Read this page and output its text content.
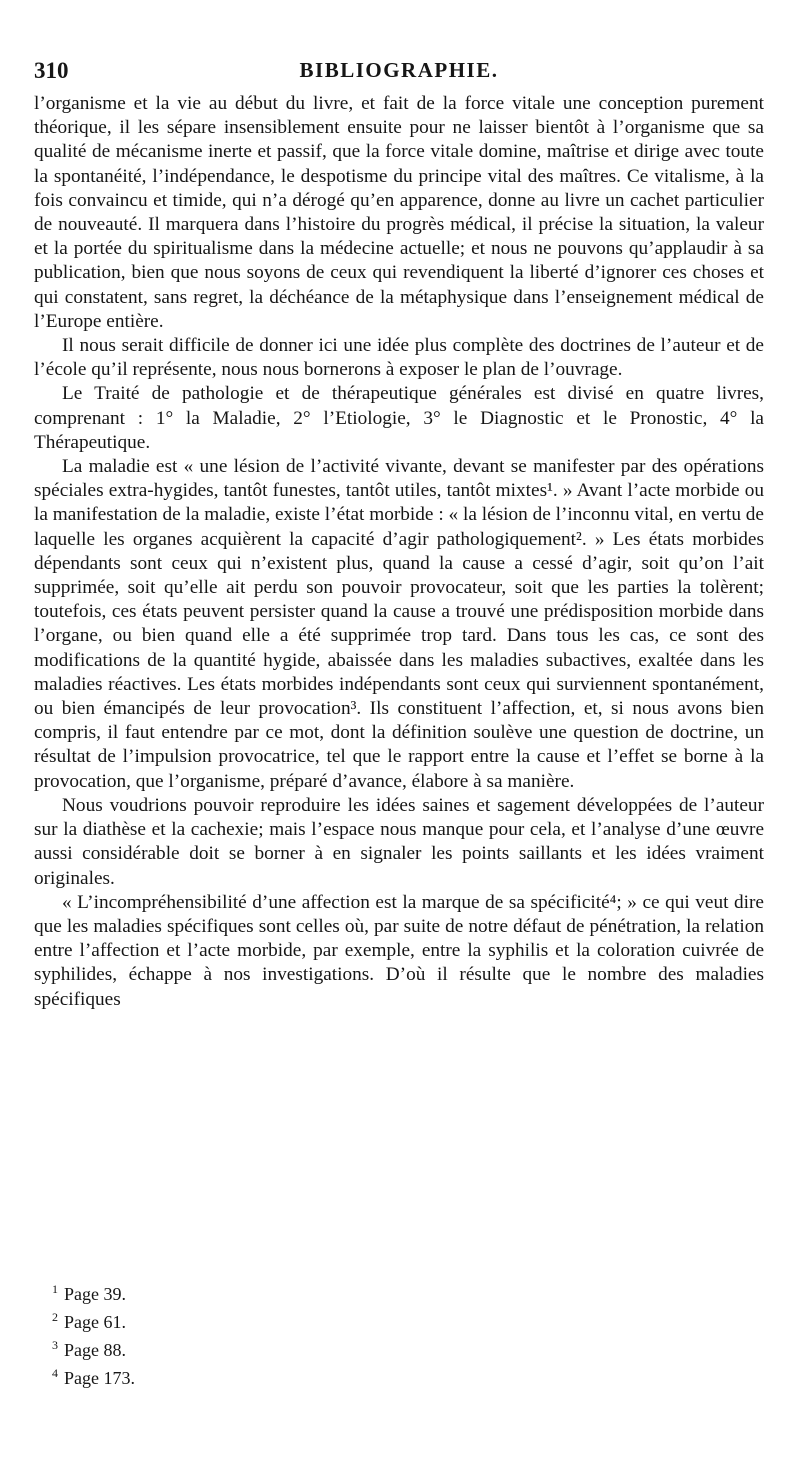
310	BIBLIOGRAPHIE.

l’organisme et la vie au début du livre, et fait de la force vitale une conception purement théorique, il les sépare insensiblement ensuite pour ne laisser bientôt à l’organisme que sa qualité de mécanisme inerte et passif, que la force vitale domine, maîtrise et dirige avec toute la spontanéité, l’indépendance, le despotisme du principe vital des maîtres. Ce vitalisme, à la fois convaincu et timide, qui n’a dérogé qu’en apparence, donne au livre un cachet particulier de nouveauté. Il marquera dans l’histoire du progrès médical, il précise la situation, la valeur et la portée du spiritualisme dans la médecine actuelle; et nous ne pouvons qu’applaudir à sa publication, bien que nous soyons de ceux qui revendiquent la liberté d’ignorer ces choses et qui constatent, sans regret, la déchéance de la métaphysique dans l’enseignement médical de l’Europe entière.

Il nous serait difficile de donner ici une idée plus complète des doctrines de l’auteur et de l’école qu’il représente, nous nous bornerons à exposer le plan de l’ouvrage.

Le Traité de pathologie et de thérapeutique générales est divisé en quatre livres, comprenant : 1° la Maladie, 2° l’Etiologie, 3° le Diagnostic et le Pronostic, 4° la Thérapeutique.

La maladie est « une lésion de l’activité vivante, devant se manifester par des opérations spéciales extra-hygides, tantôt funestes, tantôt utiles, tantôt mixtes¹. » Avant l’acte morbide ou la manifestation de la maladie, existe l’état morbide : « la lésion de l’inconnu vital, en vertu de laquelle les organes acquièrent la capacité d’agir pathologiquement². » Les états morbides dépendants sont ceux qui n’existent plus, quand la cause a cessé d’agir, soit qu’on l’ait supprimée, soit qu’elle ait perdu son pouvoir provocateur, soit que les parties la tolèrent; toutefois, ces états peuvent persister quand la cause a trouvé une prédisposition morbide dans l’organe, ou bien quand elle a été supprimée trop tard. Dans tous les cas, ce sont des modifications de la quantité hygide, abaissée dans les maladies subactives, exaltée dans les maladies réactives. Les états morbides indépendants sont ceux qui surviennent spontanément, ou bien émancipés de leur provocation³. Ils constituent l’affection, et, si nous avons bien compris, il faut entendre par ce mot, dont la définition soulève une question de doctrine, un résultat de l’impulsion provocatrice, tel que le rapport entre la cause et l’effet se borne à la provocation, que l’organisme, préparé d’avance, élabore à sa manière.

Nous voudrions pouvoir reproduire les idées saines et sagement développées de l’auteur sur la diathèse et la cachexie; mais l’espace nous manque pour cela, et l’analyse d’une œuvre aussi considérable doit se borner à en signaler les points saillants et les idées vraiment originales.

« L’incompréhensibilité d’une affection est la marque de sa spécificité⁴; » ce qui veut dire que les maladies spécifiques sont celles où, par suite de notre défaut de pénétration, la relation entre l’affection et l’acte morbide, par exemple, entre la syphilis et la coloration cuivrée de syphilides, échappe à nos investigations. D’où il résulte que le nombre des maladies spécifiques

$^1$ Page 39.
$^2$ Page 61.
$^3$ Page 88.
$^4$ Page 173.
